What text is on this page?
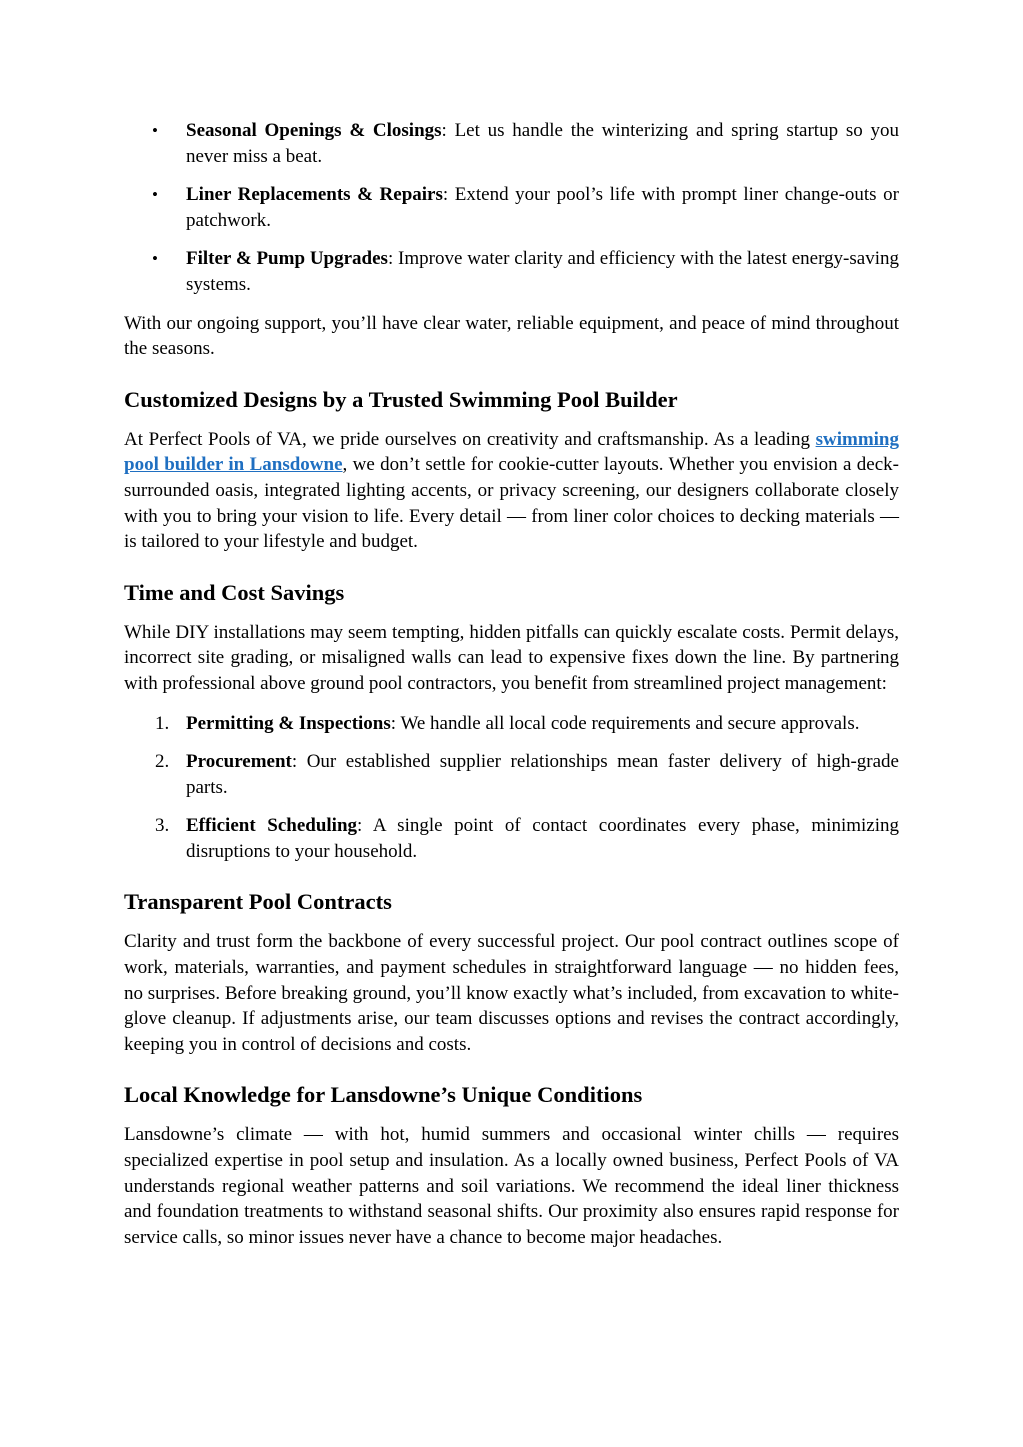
• Seasonal Openings & Closings: Let us handle the winterizing and spring startup so you never miss a beat.
• Liner Replacements & Repairs: Extend your pool’s life with prompt liner change-outs or patchwork.
• Filter & Pump Upgrades: Improve water clarity and efficiency with the latest energy-saving systems.

With our ongoing support, you’ll have clear water, reliable equipment, and peace of mind throughout the seasons.

Customized Designs by a Trusted Swimming Pool Builder

At Perfect Pools of VA, we pride ourselves on creativity and craftsmanship. As a leading swimming pool builder in Lansdowne, we don’t settle for cookie-cutter layouts. Whether you envision a deck-surrounded oasis, integrated lighting accents, or privacy screening, our designers collaborate closely with you to bring your vision to life. Every detail — from liner color choices to decking materials — is tailored to your lifestyle and budget.

Time and Cost Savings

While DIY installations may seem tempting, hidden pitfalls can quickly escalate costs. Permit delays, incorrect site grading, or misaligned walls can lead to expensive fixes down the line. By partnering with professional above ground pool contractors, you benefit from streamlined project management:

1. Permitting & Inspections: We handle all local code requirements and secure approvals.
2. Procurement: Our established supplier relationships mean faster delivery of high-grade parts.
3. Efficient Scheduling: A single point of contact coordinates every phase, minimizing disruptions to your household.
Transparent Pool Contracts

Clarity and trust form the backbone of every successful project. Our pool contract outlines scope of work, materials, warranties, and payment schedules in straightforward language — no hidden fees, no surprises. Before breaking ground, you’ll know exactly what’s included, from excavation to white-glove cleanup. If adjustments arise, our team discusses options and revises the contract accordingly, keeping you in control of decisions and costs.

Local Knowledge for Lansdowne’s Unique Conditions

Lansdowne’s climate — with hot, humid summers and occasional winter chills — requires specialized expertise in pool setup and insulation. As a locally owned business, Perfect Pools of VA understands regional weather patterns and soil variations. We recommend the ideal liner thickness and foundation treatments to withstand seasonal shifts. Our proximity also ensures rapid response for service calls, so minor issues never have a chance to become major headaches.
